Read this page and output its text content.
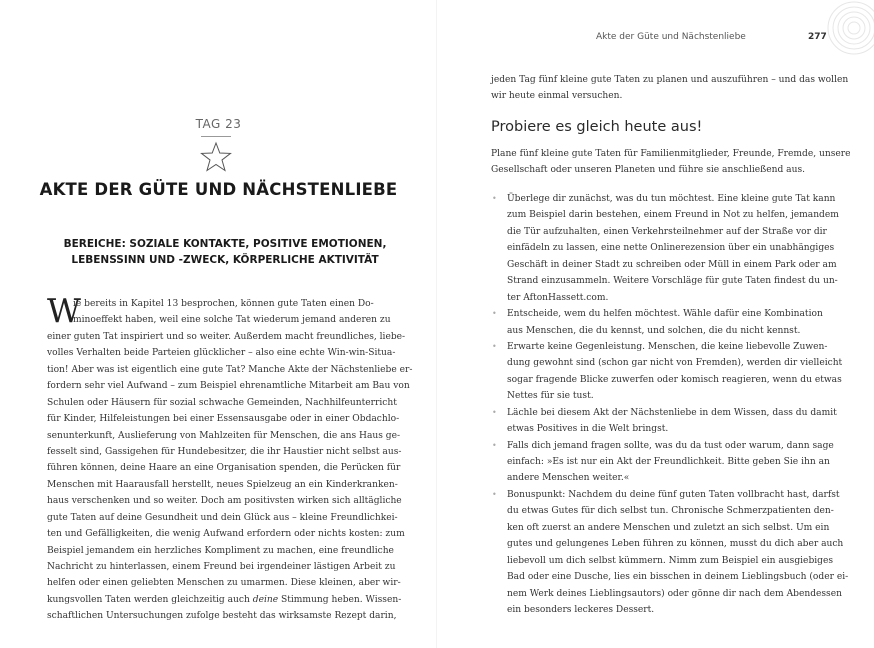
TAG 23
AKTE DER GÜTE UND NÄCHSTENLIEBE
BEREICHE: SOZIALE KONTAKTE, POSITIVE EMOTIONEN,
LEBENSSINN UND -ZWECK, KÖRPERLICHE AKTIVITÄT
W
ie bereits in Kapitel 13 besprochen, können gute Taten einen Do-
minoeffekt haben, weil eine solche Tat wiederum jemand anderen zu
einer guten Tat inspiriert und so weiter. Außerdem macht freundliches, liebe-
volles Verhalten beide Parteien glücklicher – also eine echte Win-win-Situa-
tion! Aber was ist eigentlich eine gute Tat? Manche Akte der Nächstenliebe er-
fordern sehr viel Aufwand – zum Beispiel ehrenamtliche Mitarbeit am Bau von
Schulen oder Häusern für sozial schwache Gemeinden, Nachhilfeunterricht
für Kinder, Hilfeleistungen bei einer Essensausgabe oder in einer Obdachlo-
senunterkunft, Auslieferung von Mahlzeiten für Menschen, die ans Haus ge-
fesselt sind, Gassigehen für Hundebesitzer, die ihr Haustier nicht selbst aus-
führen können, deine Haare an eine Organisation spenden, die Perücken für
Menschen mit Haarausfall herstellt, neues Spielzeug an ein Kinderkranken-
haus verschenken und so weiter. Doch am positivsten wirken sich alltägliche
gute Taten auf deine Gesundheit und dein Glück aus – kleine Freundlichkei-
ten und Gefälligkeiten, die wenig Aufwand erfordern oder nichts kosten: zum
Beispiel jemandem ein herzliches Kompliment zu machen, eine freundliche
Nachricht zu hinterlassen, einem Freund bei irgendeiner lästigen Arbeit zu
helfen oder einen geliebten Menschen zu umarmen. Diese kleinen, aber wir-
kungsvollen Taten werden gleichzeitig auch deine Stimmung heben. Wissen-
schaftlichen Untersuchungen zufolge besteht das wirksamste Rezept darin,
Akte der Güte und Nächstenliebe	277
jeden Tag fünf kleine gute Taten zu planen und auszuführen – und das wollen
wir heute einmal versuchen.
Probiere es gleich heute aus!
Plane fünf kleine gute Taten für Familienmitglieder, Freunde, Fremde, unsere
Gesellschaft oder unseren Planeten und führe sie anschließend aus.
• Überlege dir zunächst, was du tun möchtest. Eine kleine gute Tat kann
zum Beispiel darin bestehen, einem Freund in Not zu helfen, jemandem
die Tür aufzuhalten, einen Verkehrsteilnehmer auf der Straße vor dir
einfädeln zu lassen, eine nette Onlinerezension über ein unabhängiges
Geschäft in deiner Stadt zu schreiben oder Müll in einem Park oder am
Strand einzusammeln. Weitere Vorschläge für gute Taten findest du un-
ter AftonHassett.com.
• Entscheide, wem du helfen möchtest. Wähle dafür eine Kombination
aus Menschen, die du kennst, und solchen, die du nicht kennst.
• Erwarte keine Gegenleistung. Menschen, die keine liebevolle Zuwen-
dung gewohnt sind (schon gar nicht von Fremden), werden dir vielleicht
sogar fragende Blicke zuwerfen oder komisch reagieren, wenn du etwas
Nettes für sie tust.
• Lächle bei diesem Akt der Nächstenliebe in dem Wissen, dass du damit
etwas Positives in die Welt bringst.
• Falls dich jemand fragen sollte, was du da tust oder warum, dann sage
einfach: »Es ist nur ein Akt der Freundlichkeit. Bitte geben Sie ihn an
andere Menschen weiter.«
• Bonuspunkt: Nachdem du deine fünf guten Taten vollbracht hast, darfst
du etwas Gutes für dich selbst tun. Chronische Schmerzpatienten den-
ken oft zuerst an andere Menschen und zuletzt an sich selbst. Um ein
gutes und gelungenes Leben führen zu können, musst du dich aber auch
liebevoll um dich selbst kümmern. Nimm zum Beispiel ein ausgiebiges
Bad oder eine Dusche, lies ein bisschen in deinem Lieblingsbuch (oder ei-
nem Werk deines Lieblingsautors) oder gönne dir nach dem Abendessen
ein besonders leckeres Dessert.
